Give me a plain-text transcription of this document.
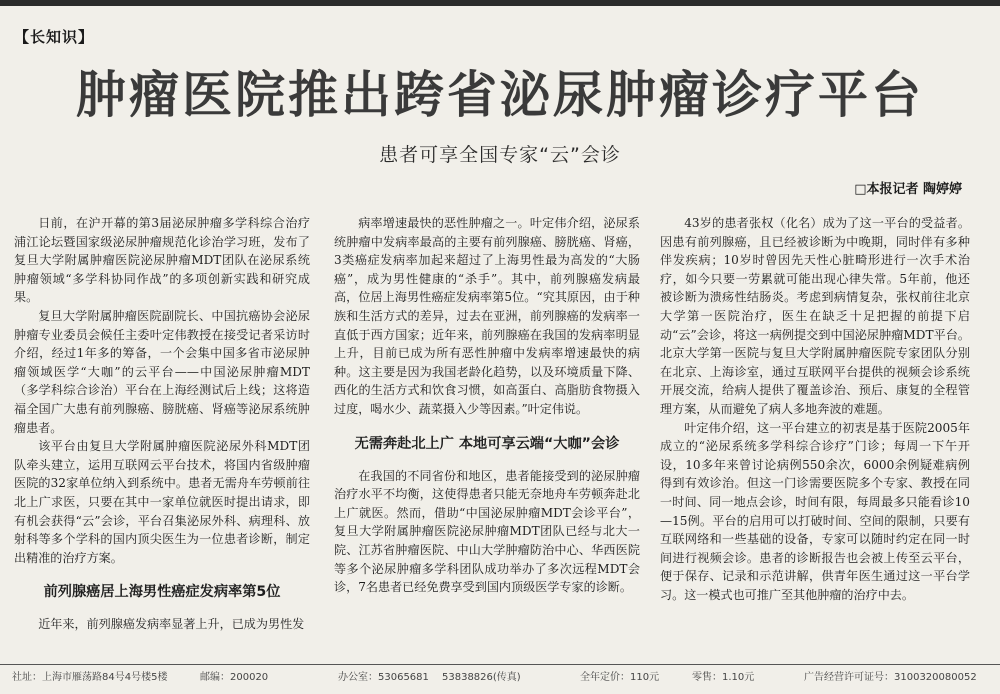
【长知识】
肿瘤医院推出跨省泌尿肿瘤诊疗平台
患者可享全国专家“云”会诊
□本报记者 陶婷婷

日前，在沪开幕的第3届泌尿肿瘤多学科综合治疗浦江论坛暨国家级泌尿肿瘤规范化诊治学习班，发布了复旦大学附属肿瘤医院泌尿肿瘤MDT团队在泌尿系统肿瘤领域“多学科协同作战”的多项创新实践和研究成果。

复旦大学附属肿瘤医院副院长、中国抗癌协会泌尿肿瘤专业委员会候任主委叶定伟教授在接受记者采访时介绍，经过1年多的筹备，一个会集中国多省市泌尿肿瘤领域医学“大咖”的云平台——中国泌尿肿瘤MDT（多学科综合诊治）平台在上海经测试后上线；这将造福全国广大患有前列腺癌、膀胱癌、肾癌等泌尿系统肿瘤患者。

该平台由复旦大学附属肿瘤医院泌尿外科MDT团队牵头建立，运用互联网云平台技术，将国内省级肿瘤医院的32家单位纳入到系统中。患者无需舟车劳顿前往北上广求医，只要在其中一家单位就医时提出请求，即有机会获得“云”会诊，平台召集泌尿外科、病理科、放射科等多个学科的国内顶尖医生为一位患者诊断，制定出精准的治疗方案。

前列腺癌居上海男性癌症发病率第5位

近年来，前列腺癌发病率显著上升，已成为男性发

病率增速最快的恶性肿瘤之一。叶定伟介绍，泌尿系统肿瘤中发病率最高的主要有前列腺癌、膀胱癌、肾癌，3类癌症发病率加起来超过了上海男性最为高发的“大肠癌”，成为男性健康的“杀手”。其中，前列腺癌发病最高，位居上海男性癌症发病率第5位。“究其原因，由于种族和生活方式的差异，过去在亚洲，前列腺癌的发病率一直低于西方国家；近年来，前列腺癌在我国的发病率明显上升，目前已成为所有恶性肿瘤中发病率增速最快的病种。这主要是因为我国老龄化趋势，以及环境质量下降、西化的生活方式和饮食习惯，如高蛋白、高脂肪食物摄入过度，喝水少、蔬菜摄入少等因素。”叶定伟说。

无需奔赴北上广 本地可享云端“大咖”会诊

在我国的不同省份和地区，患者能接受到的泌尿肿瘤治疗水平不均衡，这使得患者只能无奈地舟车劳顿奔赴北上广就医。然而，借助“中国泌尿肿瘤MDT会诊平台”，复旦大学附属肿瘤医院泌尿肿瘤MDT团队已经与北大一院、江苏省肿瘤医院、中山大学肿瘤防治中心、华西医院等多个泌尿肿瘤多学科团队成功举办了多次远程MDT会诊，7名患者已经免费享受到国内顶级医学专家的诊断。

43岁的患者张权（化名）成为了这一平台的受益者。因患有前列腺癌，且已经被诊断为中晚期，同时伴有多种伴发疾病；10岁时曾因先天性心脏畸形进行一次手术治疗，如今只要一劳累就可能出现心律失常。5年前，他还被诊断为溃疡性结肠炎。考虑到病情复杂，张权前往北京大学第一医院治疗，医生在缺乏十足把握的前提下启动“云”会诊，将这一病例提交到中国泌尿肿瘤MDT平台。北京大学第一医院与复旦大学附属肿瘤医院专家团队分别在北京、上海诊室，通过互联网平台提供的视频会诊系统开展交流，给病人提供了覆盖诊治、预后、康复的全程管理方案，从而避免了病人多地奔波的难题。

叶定伟介绍，这一平台建立的初衷是基于医院2005年成立的“泌尿系统多学科综合诊疗”门诊；每周一下午开设，10多年来曾讨论病例550余次，6000余例疑难病例得到有效诊治。但这一门诊需要医院多个专家、教授在同一时间、同一地点会诊，时间有限，每周最多只能看诊10—15例。平台的启用可以打破时间、空间的限制，只要有互联网络和一些基础的设备，专家可以随时约定在同一时间进行视频会诊。患者的诊断报告也会被上传至云平台，便于保存、记录和示范讲解，供青年医生通过这一平台学习。这一模式也可推广至其他肿瘤的治疗中去。

社址：上海市雁荡路84号4号楼5楼	邮编：200020	办公室：53065681 53838826(传真)	全年定价：110元	零售：1.10元	广告经营许可证号：3100320080052
